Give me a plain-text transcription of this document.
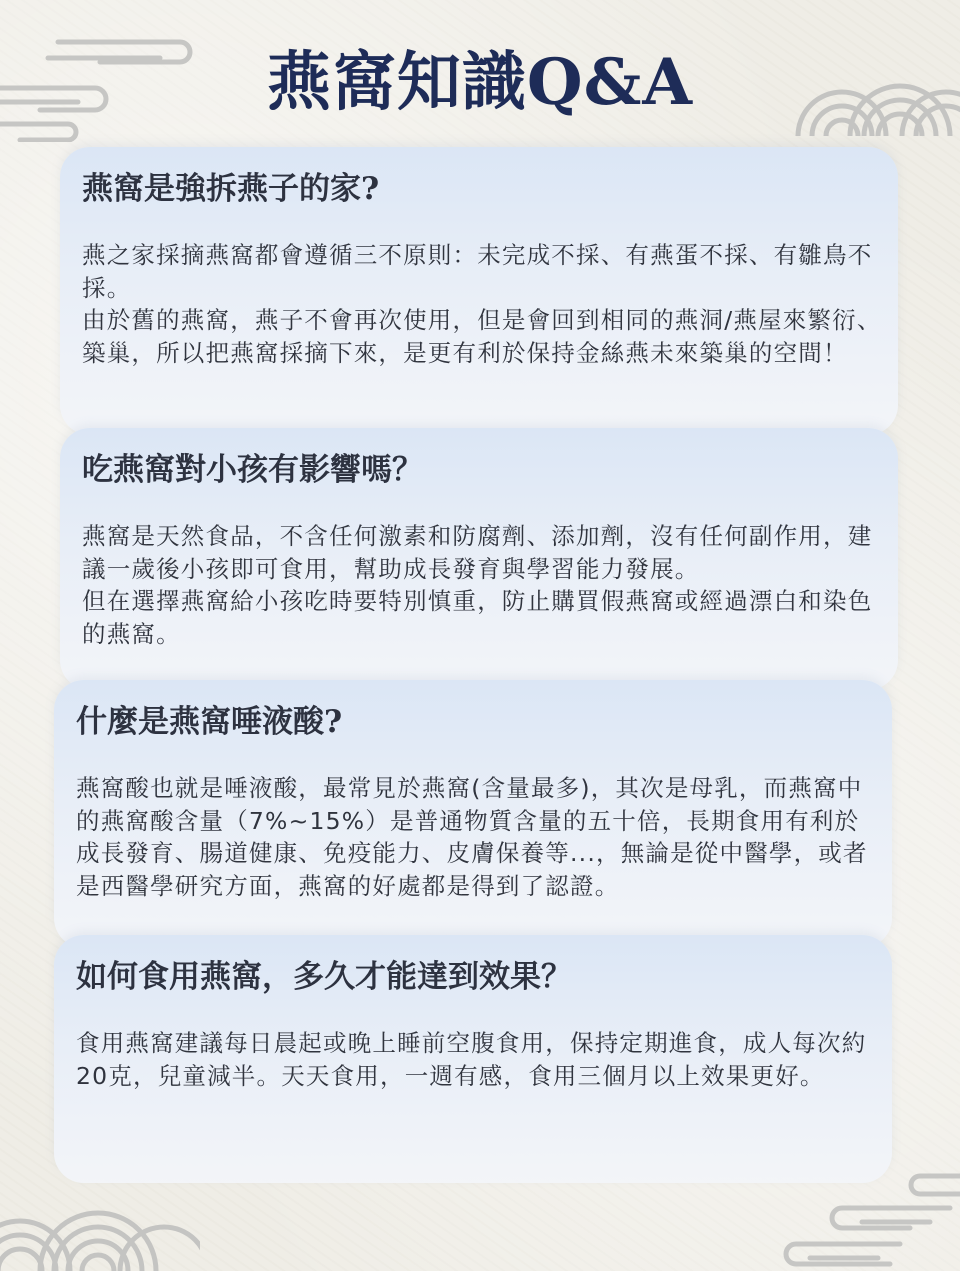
燕窩知識Q&A
燕窩是強拆燕子的家?

燕之家採摘燕窩都會遵循三不原則：未完成不採、有燕蛋不採、有雛鳥不採。
由於舊的燕窩，燕子不會再次使用，但是會回到相同的燕洞/燕屋來繁衍、築巢，所以把燕窩採摘下來，是更有利於保持金絲燕未來築巢的空間！

吃燕窩對小孩有影響嗎？

燕窩是天然食品，不含任何激素和防腐劑、添加劑，沒有任何副作用，建議一歲後小孩即可食用，幫助成長發育與學習能力發展。
但在選擇燕窩給小孩吃時要特別慎重，防止購買假燕窩或經過漂白和染色的燕窩。

什麼是燕窩唾液酸?

燕窩酸也就是唾液酸，最常見於燕窩(含量最多)，其次是母乳，而燕窩中的燕窩酸含量（7%~15%）是普通物質含量的五十倍，長期食用有利於成長發育、腸道健康、免疫能力、皮膚保養等...，無論是從中醫學，或者是西醫學研究方面，燕窩的好處都是得到了認證。

如何食用燕窩，多久才能達到效果？

食用燕窩建議每日晨起或晚上睡前空腹食用，保持定期進食，成人每次約20克，兒童減半。天天食用，一週有感，食用三個月以上效果更好。
